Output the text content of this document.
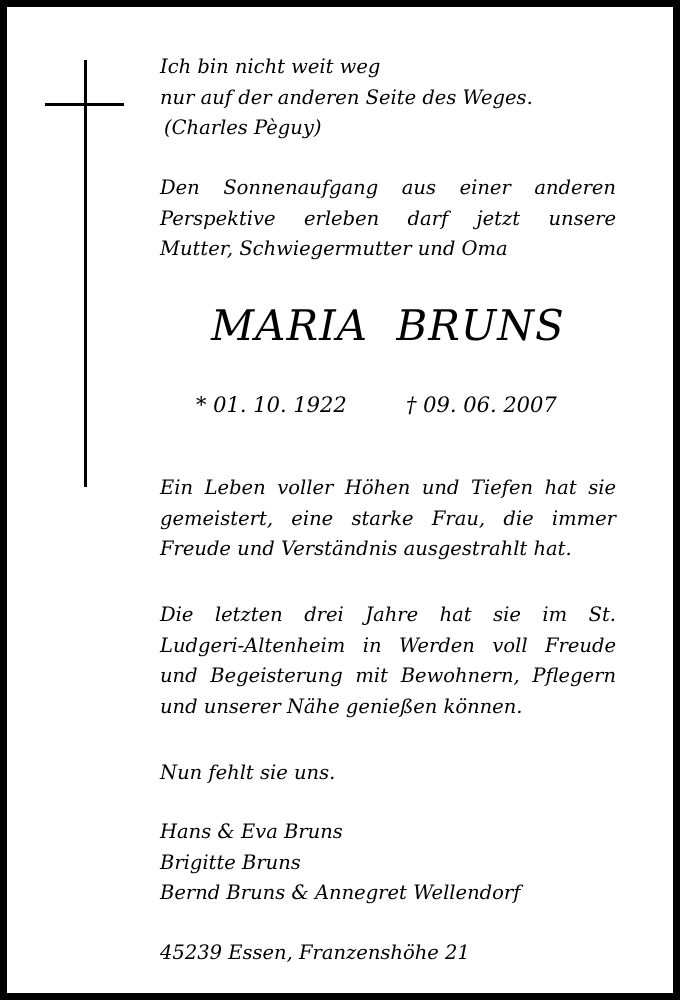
Ich bin nicht weit weg
nur auf der anderen Seite des Weges.
(Charles Pèguy)
Den Sonnenaufgang aus einer anderen
Perspektive erleben darf jetzt unsere
Mutter, Schwiegermutter und Oma
MARIA BRUNS
* 01. 10. 1922	† 09. 06. 2007
Ein Leben voller Höhen und Tiefen hat sie
gemeistert, eine starke Frau, die immer
Freude und Verständnis ausgestrahlt hat.
Die letzten drei Jahre hat sie im St.
Ludgeri-Altenheim in Werden voll Freude
und Begeisterung mit Bewohnern, Pflegern
und unserer Nähe genießen können.
Nun fehlt sie uns.
Hans & Eva Bruns
Brigitte Bruns
Bernd Bruns & Annegret Wellendorf
45239 Essen, Franzenshöhe 21
